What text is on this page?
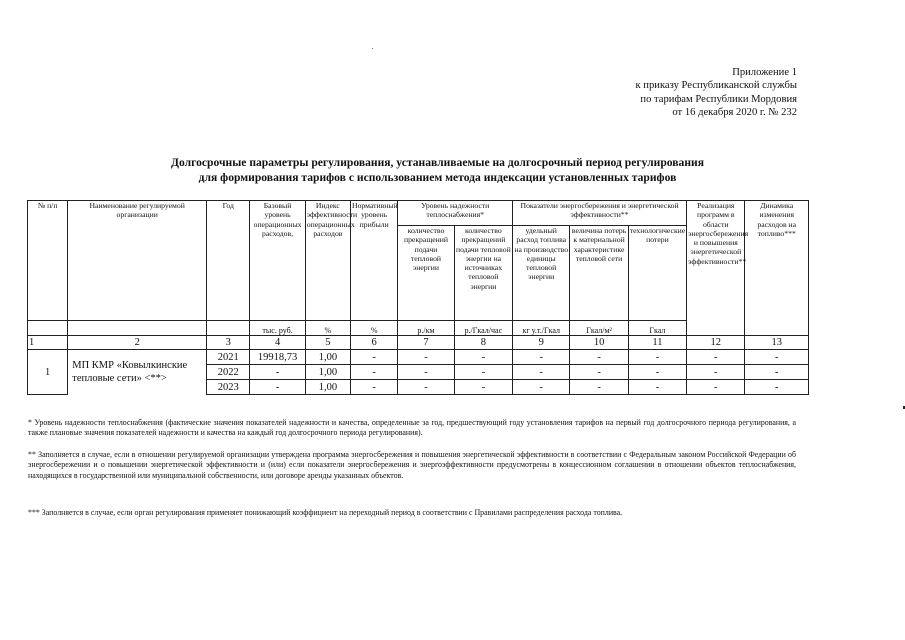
Приложение 1
к приказу Республиканской службы
по тарифам Республики Мордовия
от 16 декабря 2020 г. № 232
Долгосрочные параметры регулирования, устанавливаемые на долгосрочный период регулирования
для формирования тарифов с использованием метода индексации установленных тарифов
№ п/п	Наименование регулируемой организации	Год	Базовый уровень операционных расходов,	Индекс эффективности операционных расходов	Нормативный уровень прибыли	Уровень надежности теплоснабжения*		Показатели энергосбережения и энергетической эффективности**			Реализация программ в области энергосбережения и повышения энергетической эффективности**	Динамика изменения расходов на топливо***
						количество прекращений подачи тепловой энергии	количество прекращений подачи тепловой энергии на источниках тепловой энергии	удельный расход топлива на производство единицы тепловой энергии	величина потерь к материальной характеристике тепловой сети	технологические потери		
			тыс. руб.	%	%	р./км	р./Гкал/час	кг у.т./Гкал	Гкал/м²	Гкал		
1	2	3	4	5	6	7	8	9	10	11	12	13
1	МП КМР «Ковылкинские тепловые сети» <**>	2021	19918,73	1,00	-	-	-	-	-	-	-	-
		2022	-	1,00	-	-	-	-	-	-	-	-
		2023	-	1,00	-	-	-	-	-	-	-	-
* Уровень надежности теплоснабжения (фактические значения показателей надежности и качества, определенные за год, предшествующий году установления тарифов на первый год долгосрочного периода регулирования, а также плановые значения показателей надежности и качества на каждый год долгосрочного периода регулирования).
** Заполняется в случае, если в отношении регулируемой организации утверждена программа энергосбережения и повышения энергетической эффективности в соответствии с Федеральным законом Российской Федерации об энергосбережении и о повышении энергетической эффективности и (или) если показатели энергосбережения и энергоэффективности предусмотрены в концессионном соглашении в отношении объектов теплоснабжения, находящихся в государственной или муниципальной собственности, или договоре аренды указанных объектов.
*** Заполняется в случае, если орган регулирования применяет понижающий коэффициент на переходный период в соответствии с Правилами распределения расхода топлива.
